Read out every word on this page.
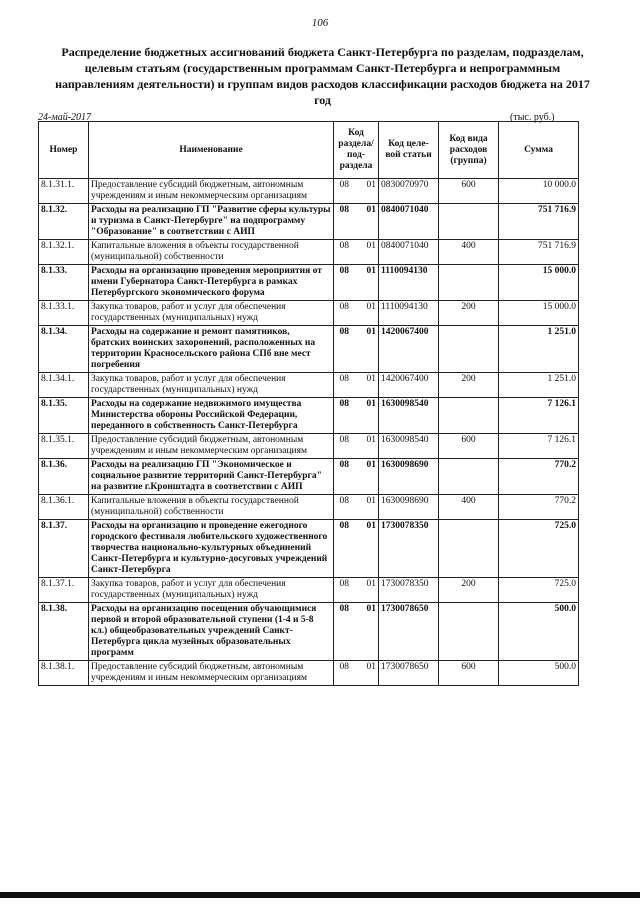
106
Распределение бюджетных ассигнований бюджета Санкт-Петербурга по разделам, подразделам, целевым статьям (государственным программам Санкт-Петербурга и непрограммным направлениям деятельности) и группам видов расходов классификации расходов бюджета на 2017 год
24-май-2017	(тыс. руб.)
Номер	Наименование	Код раздела/под-раздела		Код целе-вой статьи	Код вида расходов (группа)	Сумма
8.1.31.1.	Предоставление субсидий бюджетным, автономным учреждениям и иным некоммерческим организациям	08	01	0830070970	600	10 000.0
8.1.32.	Расходы на реализацию ГП "Развитие сферы культуры и туризма в Санкт-Петербурге" на подпрограмму "Образование" в соответствии с АИП	08	01	0840071040		751 716.9
8.1.32.1.	Капитальные вложения в объекты государственной (муниципальной) собственности	08	01	0840071040	400	751 716.9
8.1.33.	Расходы на организацию проведения мероприятия от имени Губернатора Санкт-Петербурга в рамках Петербургского экономического форума	08	01	1110094130		15 000.0
8.1.33.1.	Закупка товаров, работ и услуг для обеспечения государственных (муниципальных) нужд	08	01	1110094130	200	15 000.0
8.1.34.	Расходы на содержание и ремонт памятников, братских воинских захоронений, расположенных на территории Красносельского района СПб вне мест погребения	08	01	1420067400		1 251.0
8.1.34.1.	Закупка товаров, работ и услуг для обеспечения государственных (муниципальных) нужд	08	01	1420067400	200	1 251.0
8.1.35.	Расходы на содержание недвижимого имущества Министерства обороны Российской Федерации, переданного в собственность Санкт-Петербурга	08	01	1630098540		7 126.1
8.1.35.1.	Предоставление субсидий бюджетным, автономным учреждениям и иным некоммерческим организациям	08	01	1630098540	600	7 126.1
8.1.36.	Расходы на реализацию ГП "Экономическое и социальное развитие территорий Санкт-Петербурга" на развитие г.Кронштадта в соответствии с АИП	08	01	1630098690		770.2
8.1.36.1.	Капитальные вложения в объекты государственной (муниципальной) собственности	08	01	1630098690	400	770.2
8.1.37.	Расходы на организацию и проведение ежегодного городского фестиваля любительского художественного творчества национально-культурных объединений Санкт-Петербурга и культурно-досуговых учреждений Санкт-Петербурга	08	01	1730078350		725.0
8.1.37.1.	Закупка товаров, работ и услуг для обеспечения государственных (муниципальных) нужд	08	01	1730078350	200	725.0
8.1.38.	Расходы на организацию посещения обучающимися первой и второй образовательной ступени (1-4 и 5-8 кл.) общеобразовательных учреждений Санкт-Петербурга цикла музейных образовательных программ	08	01	1730078650		500.0
8.1.38.1.	Предоставление субсидий бюджетным, автономным учреждениям и иным некоммерческим организациям	08	01	1730078650	600	500.0
